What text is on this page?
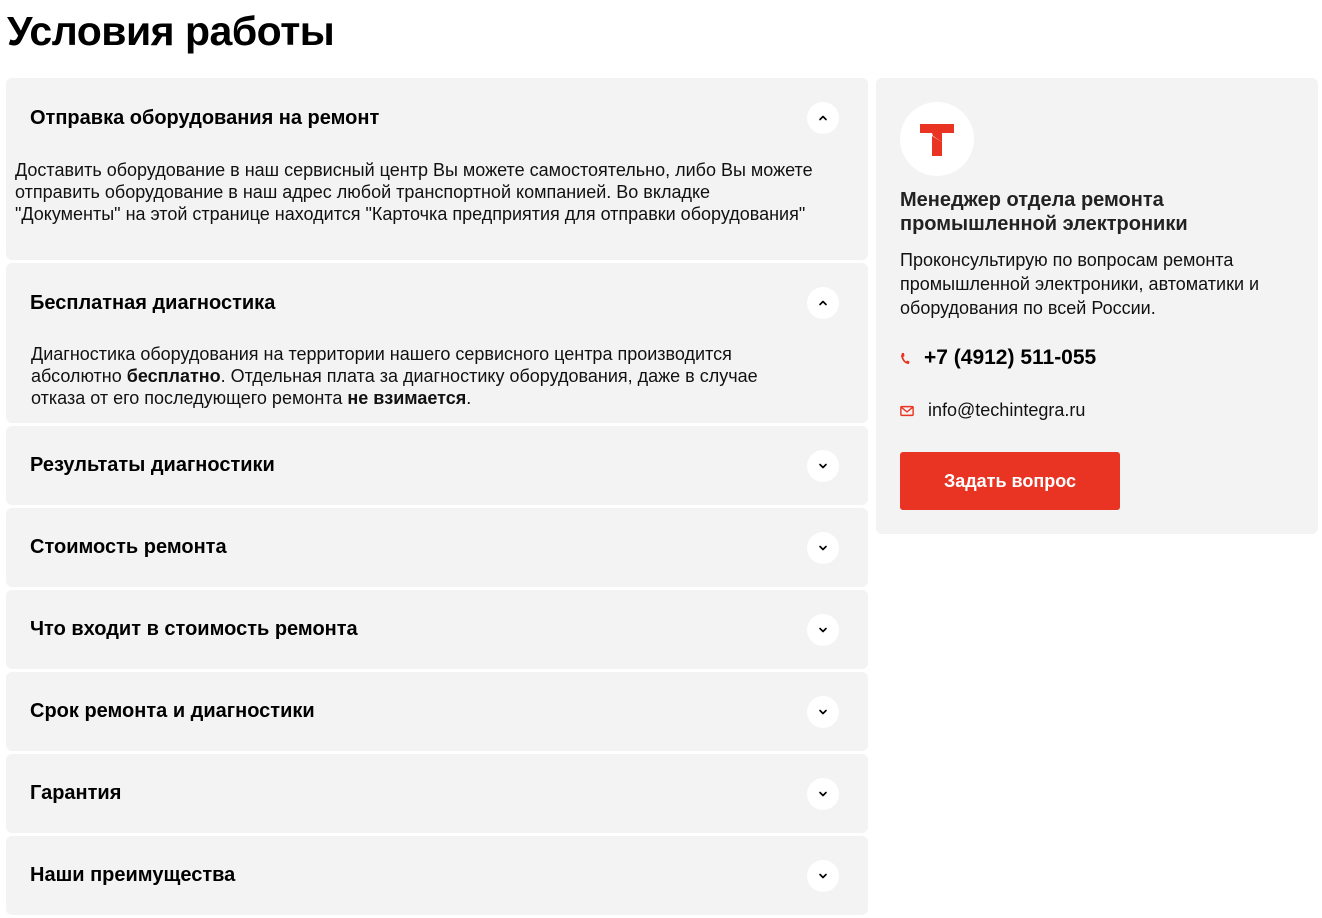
Условия работы
Отправка оборудования на ремонт
Доставить оборудование в наш сервисный центр Вы можете самостоятельно, либо Вы можете отправить оборудование в наш адрес любой транспортной компанией. Во вкладке "Документы" на этой странице находится "Карточка предприятия для отправки оборудования"
Бесплатная диагностика
Результаты диагностики
Стоимость ремонта
Что входит в стоимость ремонта
Срок ремонта и диагностики
Гарантия
Наши преимущества
Диагностика оборудования на территории нашего сервисного центра производится абсолютно бесплатно. Отдельная плата за диагностику оборудования, даже в случае отказа от его последующего ремонта не взимается.
Менеджер отдела ремонта промышленной электроники
Проконсультирую по вопросам ремонта промышленной электроники, автоматики и оборудования по всей России.
+7 (4912) 511-055
info@techintegra.ru
Задать вопрос
